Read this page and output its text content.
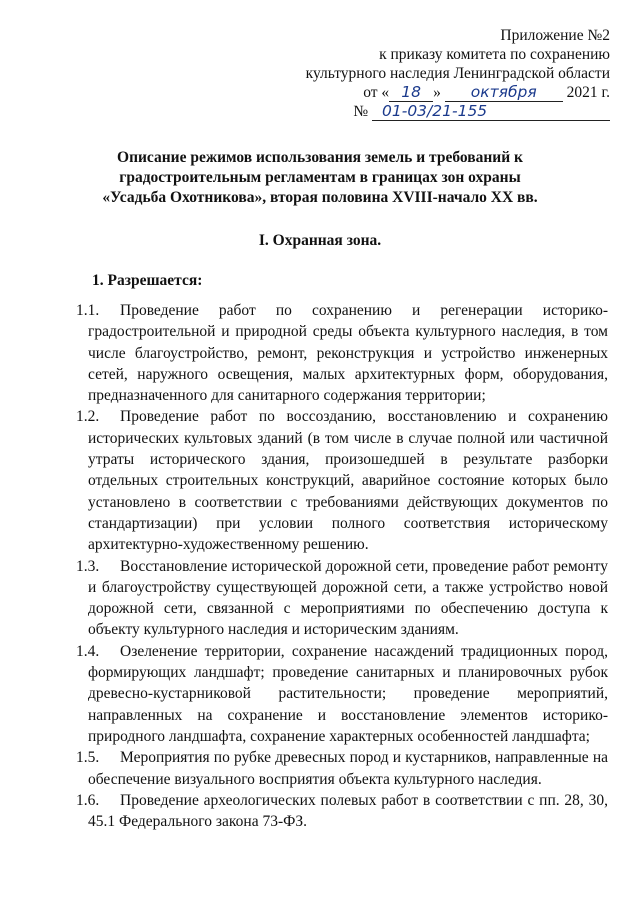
Приложение №2
к приказу комитета по сохранению
культурного наследия Ленинградской области
от « 18 » октября 2021 г.
№ 01-03/21-155
Описание режимов использования земель и требований к
градостроительным регламентам в границах зон охраны
«Усадьба Охотникова», вторая половина XVIII-начало XX вв.
I. Охранная зона.
1. Разрешается:

1.1. Проведение работ по сохранению и регенерации историко-градостроительной и природной среды объекта культурного наследия, в том числе благоустройство, ремонт, реконструкция и устройство инженерных сетей, наружного освещения, малых архитектурных форм, оборудования, предназначенного для санитарного содержания территории;

1.2. Проведение работ по воссозданию, восстановлению и сохранению исторических культовых зданий (в том числе в случае полной или частичной утраты исторического здания, произошедшей в результате разборки отдельных строительных конструкций, аварийное состояние которых было установлено в соответствии с требованиями действующих документов по стандартизации) при условии полного соответствия историческому архитектурно-художественному решению.

1.3. Восстановление исторической дорожной сети, проведение работ ремонту и благоустройству существующей дорожной сети, а также устройство новой дорожной сети, связанной с мероприятиями по обеспечению доступа к объекту культурного наследия и историческим зданиям.

1.4. Озеленение территории, сохранение насаждений традиционных пород, формирующих ландшафт; проведение санитарных и планировочных рубок древесно-кустарниковой растительности; проведение мероприятий, направленных на сохранение и восстановление элементов историко-природного ландшафта, сохранение характерных особенностей ландшафта;

1.5. Мероприятия по рубке древесных пород и кустарников, направленные на обеспечение визуального восприятия объекта культурного наследия.

1.6. Проведение археологических полевых работ в соответствии с пп. 28, 30, 45.1 Федерального закона 73-ФЗ.
